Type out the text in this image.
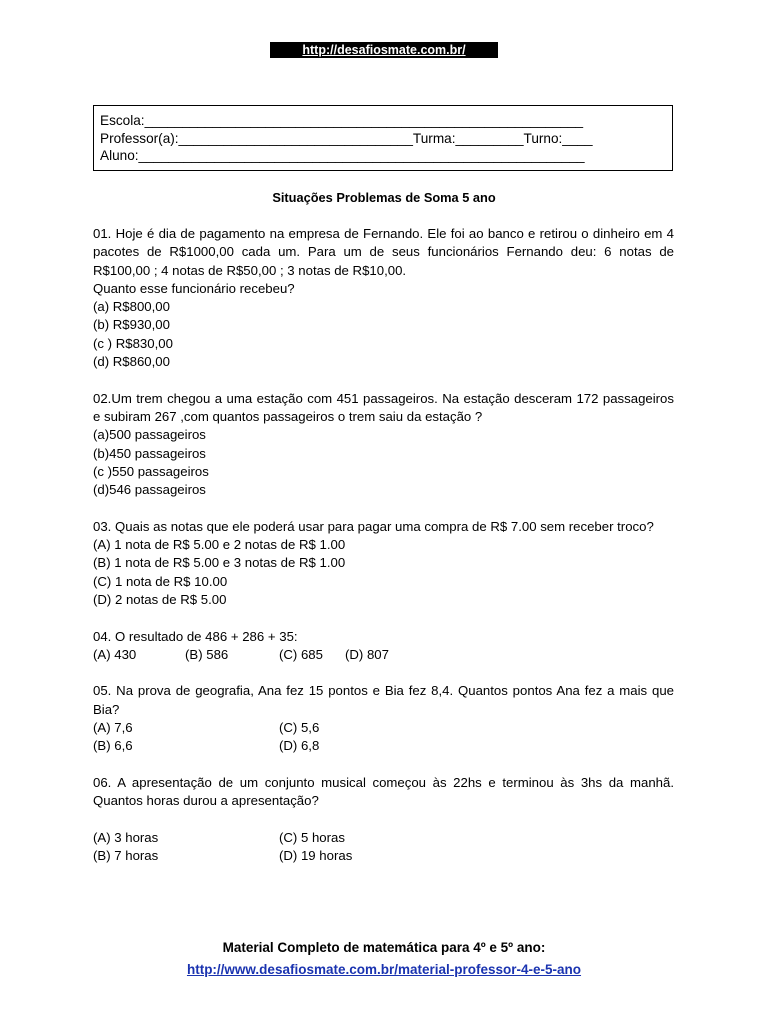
http://desafiosmate.com.br/
Escola:__________________________________________________________
Professor(a):_______________________________Turma:_________Turno:____
Aluno:___________________________________________________________
Situações Problemas de Soma 5 ano

01. Hoje é dia de pagamento na empresa de Fernando. Ele foi ao banco e retirou o dinheiro em 4 pacotes de R$1000,00 cada um. Para um de seus funcionários Fernando deu: 6 notas de R$100,00 ; 4 notas de R$50,00 ; 3 notas de R$10,00.

Quanto esse funcionário recebeu?
(a) R$800,00
(b) R$930,00
(c ) R$830,00
(d) R$860,00

02.Um trem chegou a uma estação com 451 passageiros. Na estação desceram 172 passageiros e subiram 267 ,com quantos passageiros o trem saiu da estação ?

(a)500 passageiros
(b)450 passageiros
(c )550 passageiros
(d)546 passageiros

03. Quais as notas que ele poderá usar para pagar uma compra de R$ 7.00 sem receber troco?

(A) 1 nota de R$ 5.00 e 2 notas de R$ 1.00
(B) 1 nota de R$ 5.00 e 3 notas de R$ 1.00
(C) 1 nota de R$ 10.00
(D) 2 notas de R$ 5.00

04. O resultado de 486 + 286 + 35:

(A) 430	(B) 586	(C) 685 (D) 807

05. Na prova de geografia, Ana fez 15 pontos e Bia fez 8,4. Quantos pontos Ana fez a mais que Bia?

(A) 7,6	(C) 5,6
(B) 6,6	(D) 6,8

06. A apresentação de um conjunto musical começou às 22hs e terminou às 3hs da manhã. Quantos horas durou a apresentação?

(A) 3 horas	(C) 5 horas
(B) 7 horas	(D) 19 horas
Material Completo de matemática para 4º e 5º ano:
http://www.desafiosmate.com.br/material-professor-4-e-5-ano
